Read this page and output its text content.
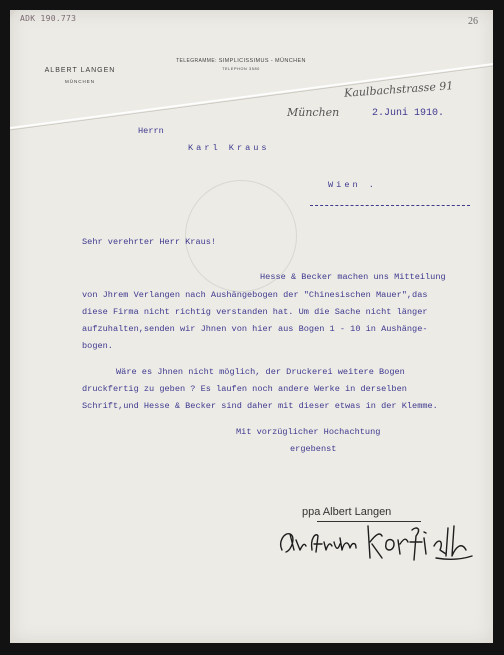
ADK 190.773	26
ALBERT LANGEN
MÜNCHEN
TELEGRAMME: SIMPLICISSIMUS - MÜNCHEN
TELEPHON 3580
Kaulbachstrasse 91
München	2.Juni 1910.
Herrn
Karl Kraus
Wien .
Sehr verehrter Herr Kraus!
Hesse & Becker machen uns Mitteilung
von Jhrem Verlangen nach Aushängebogen der "Chinesischen Mauer",das
diese Firma nicht richtig verstanden hat. Um die Sache nicht länger
aufzuhalten,senden wir Jhnen von hier aus Bogen 1 - 10 in Aushänge-
bogen.
Wäre es Jhnen nicht möglich, der Druckerei weitere Bogen
druckfertig zu geben ? Es laufen noch andere Werke in derselben
Schrift,und Hesse & Becker sind daher mit dieser etwas in der Klemme.
Mit vorzüglicher Hochachtung
ergebenst
ppa Albert Langen
